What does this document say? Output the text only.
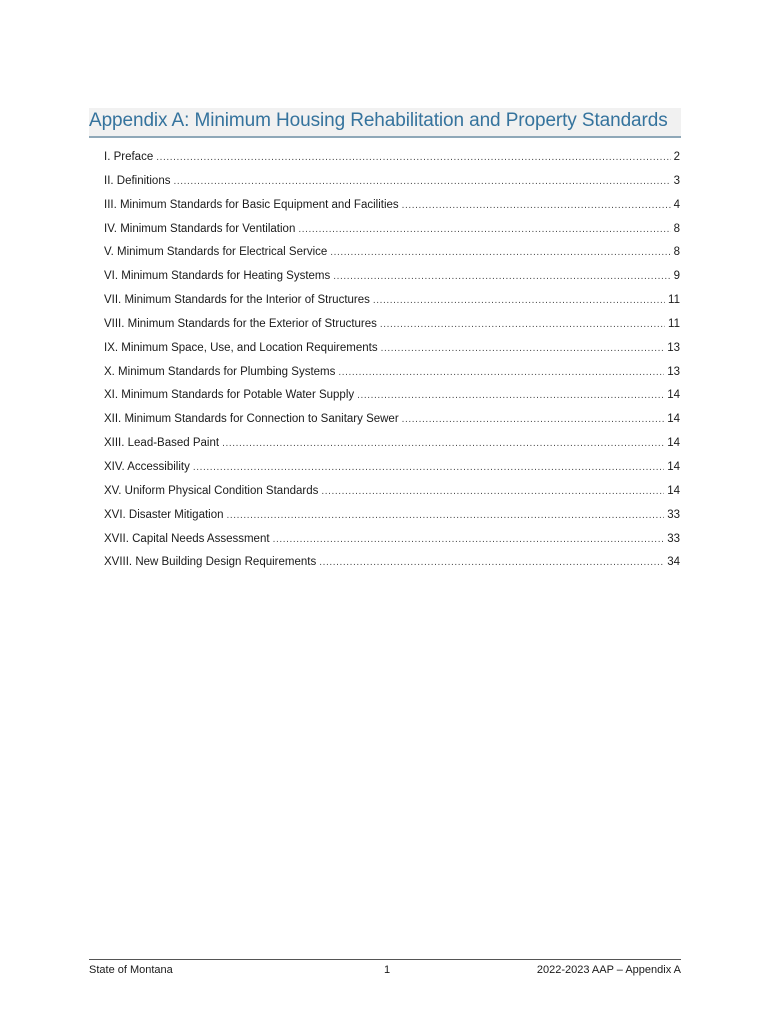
Appendix A: Minimum Housing Rehabilitation and Property Standards
I. Preface .....	2
II. Definitions .....	3
III. Minimum Standards for Basic Equipment and Facilities .....	4
IV. Minimum Standards for Ventilation .....	8
V. Minimum Standards for Electrical Service .....	8
VI. Minimum Standards for Heating Systems .....	9
VII. Minimum Standards for the Interior of Structures .....	11
VIII. Minimum Standards for the Exterior of Structures .....	11
IX. Minimum Space, Use, and Location Requirements .....	13
X. Minimum Standards for Plumbing Systems .....	13
XI. Minimum Standards for Potable Water Supply .....	14
XII. Minimum Standards for Connection to Sanitary Sewer .....	14
XIII. Lead-Based Paint .....	14
XIV. Accessibility .....	14
XV. Uniform Physical Condition Standards .....	14
XVI. Disaster Mitigation .....	33
XVII. Capital Needs Assessment .....	33
XVIII. New Building Design Requirements .....	34
State of Montana	1	2022-2023 AAP – Appendix A
